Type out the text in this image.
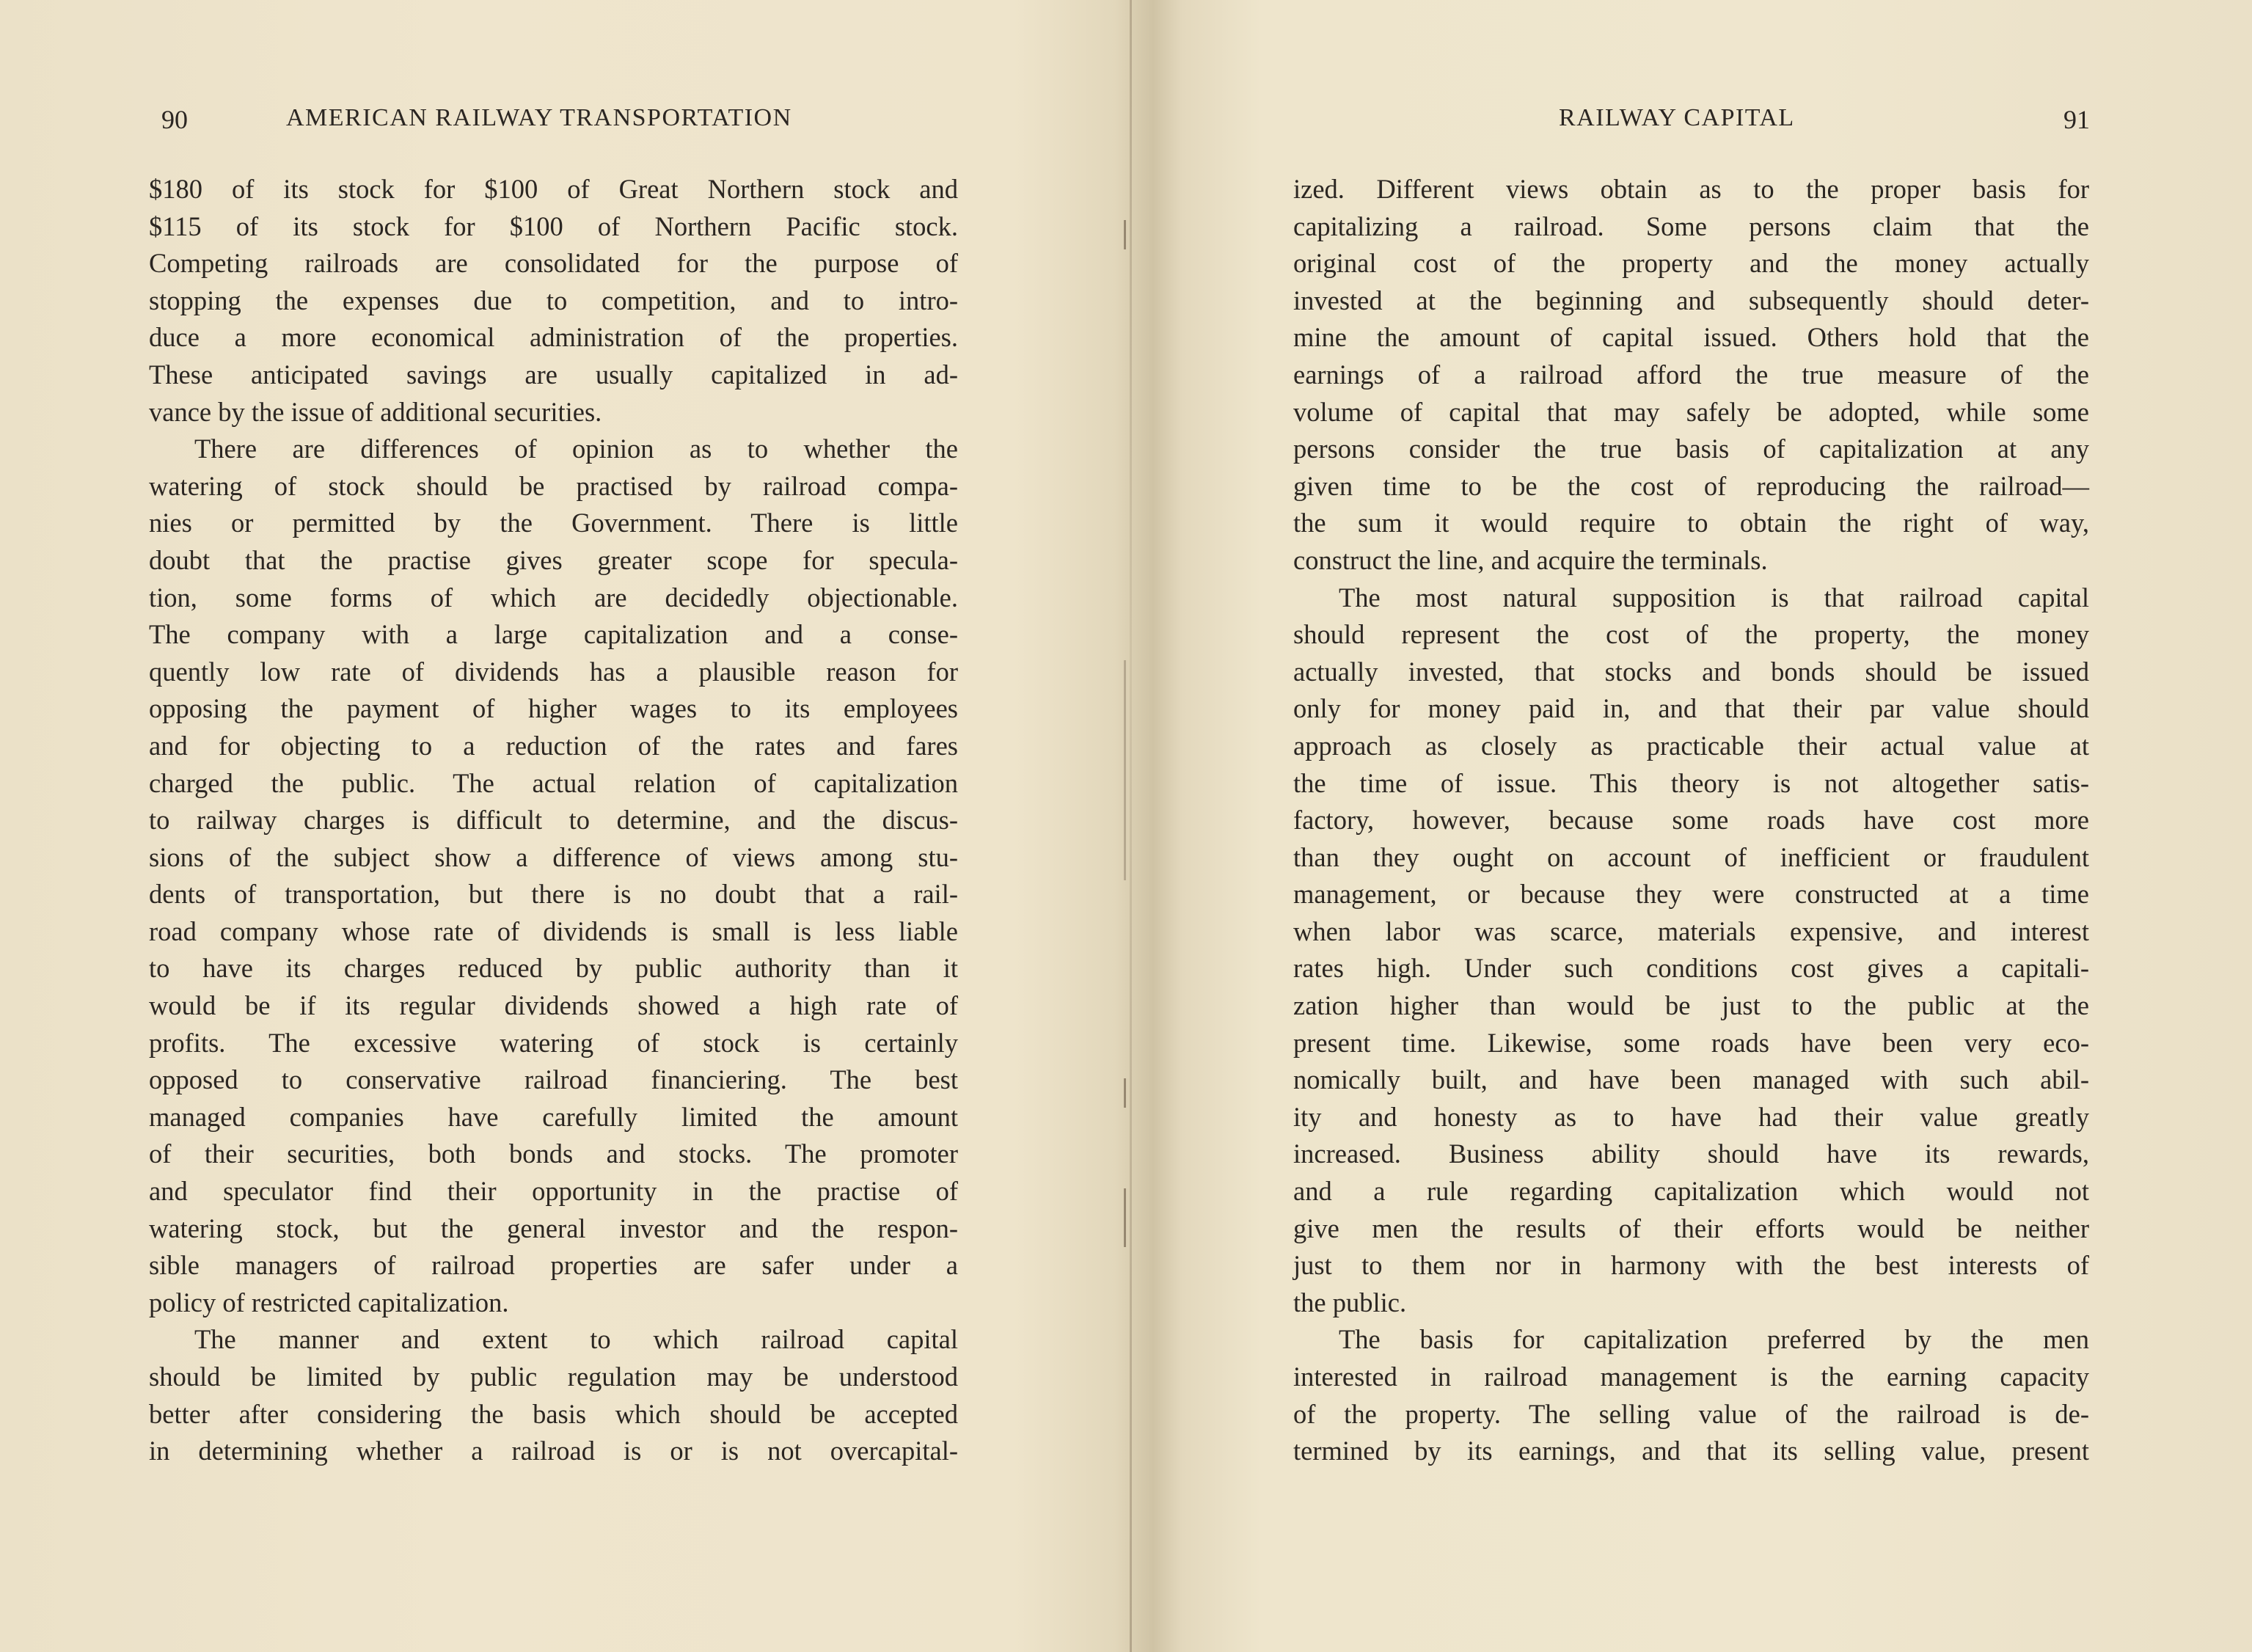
90	AMERICAN RAILWAY TRANSPORTATION
$180 of its stock for $100 of Great Northern stock and
$115 of its stock for $100 of Northern Pacific stock.
Competing railroads are consolidated for the purpose of
stopping the expenses due to competition, and to intro-
duce a more economical administration of the properties.
These anticipated savings are usually capitalized in ad-
vance by the issue of additional securities.
There are differences of opinion as to whether the
watering of stock should be practised by railroad compa-
nies or permitted by the Government. There is little
doubt that the practise gives greater scope for specula-
tion, some forms of which are decidedly objectionable.
The company with a large capitalization and a conse-
quently low rate of dividends has a plausible reason for
opposing the payment of higher wages to its employees
and for objecting to a reduction of the rates and fares
charged the public. The actual relation of capitalization
to railway charges is difficult to determine, and the discus-
sions of the subject show a difference of views among stu-
dents of transportation, but there is no doubt that a rail-
road company whose rate of dividends is small is less liable
to have its charges reduced by public authority than it
would be if its regular dividends showed a high rate of
profits. The excessive watering of stock is certainly
opposed to conservative railroad financiering. The best
managed companies have carefully limited the amount
of their securities, both bonds and stocks. The promoter
and speculator find their opportunity in the practise of
watering stock, but the general investor and the respon-
sible managers of railroad properties are safer under a
policy of restricted capitalization.
The manner and extent to which railroad capital
should be limited by public regulation may be understood
better after considering the basis which should be accepted
in determining whether a railroad is or is not overcapital-
RAILWAY CAPITAL	91
ized. Different views obtain as to the proper basis for
capitalizing a railroad. Some persons claim that the
original cost of the property and the money actually
invested at the beginning and subsequently should deter-
mine the amount of capital issued. Others hold that the
earnings of a railroad afford the true measure of the
volume of capital that may safely be adopted, while some
persons consider the true basis of capitalization at any
given time to be the cost of reproducing the railroad—
the sum it would require to obtain the right of way,
construct the line, and acquire the terminals.
The most natural supposition is that railroad capital
should represent the cost of the property, the money
actually invested, that stocks and bonds should be issued
only for money paid in, and that their par value should
approach as closely as practicable their actual value at
the time of issue. This theory is not altogether satis-
factory, however, because some roads have cost more
than they ought on account of inefficient or fraudulent
management, or because they were constructed at a time
when labor was scarce, materials expensive, and interest
rates high. Under such conditions cost gives a capitali-
zation higher than would be just to the public at the
present time. Likewise, some roads have been very eco-
nomically built, and have been managed with such abil-
ity and honesty as to have had their value greatly
increased. Business ability should have its rewards,
and a rule regarding capitalization which would not
give men the results of their efforts would be neither
just to them nor in harmony with the best interests of
the public.
The basis for capitalization preferred by the men
interested in railroad management is the earning capacity
of the property. The selling value of the railroad is de-
termined by its earnings, and that its selling value, present
